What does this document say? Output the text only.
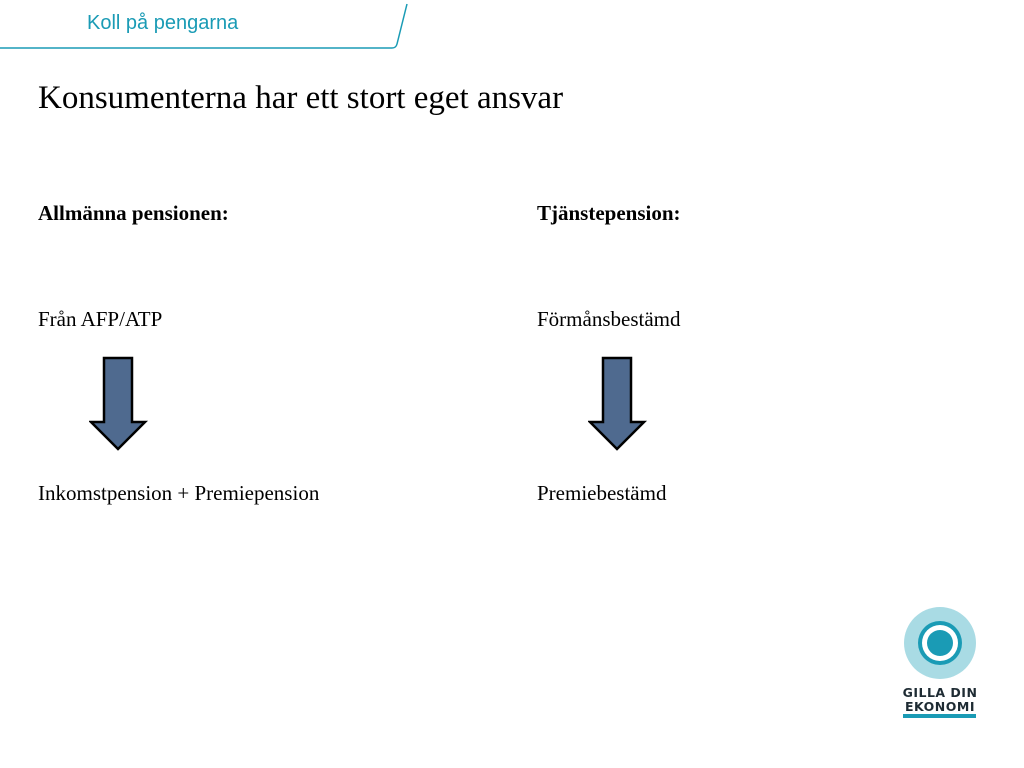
Koll på pengarna
Konsumenterna har ett stort eget ansvar
Allmänna pensionen:
Från AFP/ATP
Inkomstpension + Premiepension
Tjänstepension:
Förmånsbestämd
Premiebestämd
GILLA DIN
EKONOMI
